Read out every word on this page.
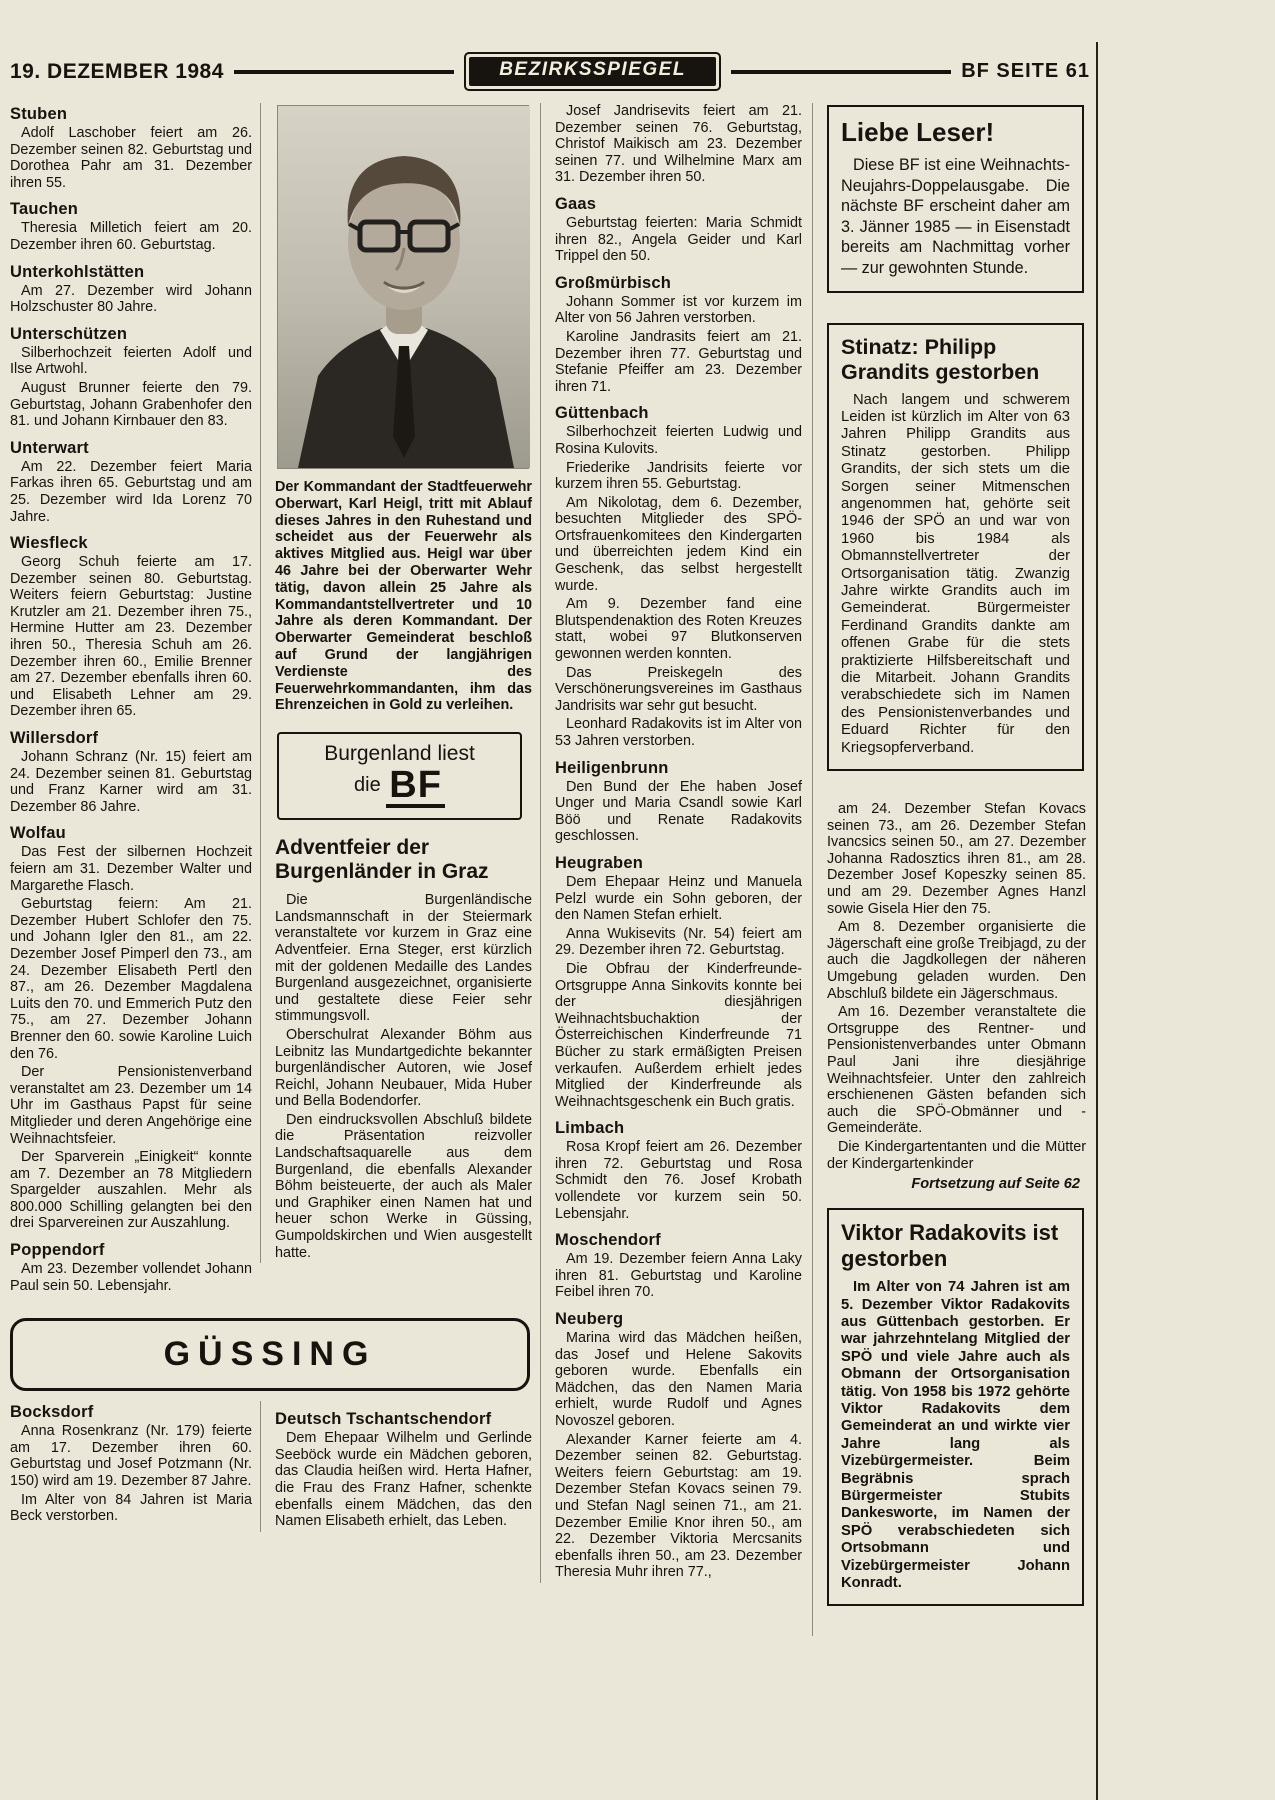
19. DEZEMBER 1984	BEZIRKSSPIEGEL	BF SEITE 61
Stuben

Adolf Laschober feiert am 26. Dezember seinen 82. Geburtstag und Dorothea Pahr am 31. Dezember ihren 55.

Tauchen

Theresia Milletich feiert am 20. Dezember ihren 60. Geburtstag.

Unterkohlstätten

Am 27. Dezember wird Johann Holzschuster 80 Jahre.

Unterschützen

Silberhochzeit feierten Adolf und Ilse Artwohl.

August Brunner feierte den 79. Geburtstag, Johann Grabenhofer den 81. und Johann Kirnbauer den 83.

Unterwart

Am 22. Dezember feiert Maria Farkas ihren 65. Geburtstag und am 25. Dezember wird Ida Lorenz 70 Jahre.

Wiesfleck

Georg Schuh feierte am 17. Dezember seinen 80. Geburtstag. Weiters feiern Geburtstag: Justine Krutzler am 21. Dezember ihren 75., Hermine Hutter am 23. Dezember ihren 50., Theresia Schuh am 26. Dezember ihren 60., Emilie Brenner am 27. Dezember ebenfalls ihren 60. und Elisabeth Lehner am 29. Dezember ihren 65.

Willersdorf

Johann Schranz (Nr. 15) feiert am 24. Dezember seinen 81. Geburtstag und Franz Karner wird am 31. Dezember 86 Jahre.

Wolfau

Das Fest der silbernen Hochzeit feiern am 31. Dezember Walter und Margarethe Flasch.

Geburtstag feiern: Am 21. Dezember Hubert Schlofer den 75. und Johann Igler den 81., am 22. Dezember Josef Pimperl den 73., am 24. Dezember Elisabeth Pertl den 87., am 26. Dezember Magdalena Luits den 70. und Emmerich Putz den 75., am 27. Dezember Johann Brenner den 60. sowie Karoline Luich den 76.

Der Pensionistenverband veranstaltet am 23. Dezember um 14 Uhr im Gasthaus Papst für seine Mitglieder und deren Angehörige eine Weihnachtsfeier.

Der Sparverein „Einigkeit“ konnte am 7. Dezember an 78 Mitgliedern Spargelder auszahlen. Mehr als 800.000 Schilling gelangten bei den drei Sparvereinen zur Auszahlung.

Poppendorf

Am 23. Dezember vollendet Johann Paul sein 50. Lebensjahr.

Der Kommandant der Stadtfeuerwehr Oberwart, Karl Heigl, tritt mit Ablauf dieses Jahres in den Ruhestand und scheidet aus der Feuerwehr als aktives Mitglied aus. Heigl war über 46 Jahre bei der Oberwarter Wehr tätig, davon allein 25 Jahre als Kommandantstellvertreter und 10 Jahre als deren Kommandant. Der Oberwarter Gemeinderat beschloß auf Grund der langjährigen Verdienste des Feuerwehrkommandanten, ihm das Ehrenzeichen in Gold zu verleihen.

Burgenland liest
die BF
Adventfeier der Burgenländer in Graz

Die Burgenländische Landsmannschaft in der Steiermark veranstaltete vor kurzem in Graz eine Adventfeier. Erna Steger, erst kürzlich mit der goldenen Medaille des Landes Burgenland ausgezeichnet, organisierte und gestaltete diese Feier sehr stimmungsvoll.

Oberschulrat Alexander Böhm aus Leibnitz las Mundartgedichte bekannter burgenländischer Autoren, wie Josef Reichl, Johann Neubauer, Mida Huber und Bella Bodendorfer.

Den eindrucksvollen Abschluß bildete die Präsentation reizvoller Landschaftsaquarelle aus dem Burgenland, die ebenfalls Alexander Böhm beisteuerte, der auch als Maler und Graphiker einen Namen hat und heuer schon Werke in Güssing, Gumpoldskirchen und Wien ausgestellt hatte.

GÜSSING
Bocksdorf

Anna Rosenkranz (Nr. 179) feierte am 17. Dezember ihren 60. Geburtstag und Josef Potzmann (Nr. 150) wird am 19. Dezember 87 Jahre.

Im Alter von 84 Jahren ist Maria Beck verstorben.

Deutsch Tschantschendorf

Dem Ehepaar Wilhelm und Gerlinde Seeböck wurde ein Mädchen geboren, das Claudia heißen wird. Herta Hafner, die Frau des Franz Hafner, schenkte ebenfalls einem Mädchen, das den Namen Elisabeth erhielt, das Leben.

Josef Jandrisevits feiert am 21. Dezember seinen 76. Geburtstag, Christof Maikisch am 23. Dezember seinen 77. und Wilhelmine Marx am 31. Dezember ihren 50.

Gaas

Geburtstag feierten: Maria Schmidt ihren 82., Angela Geider und Karl Trippel den 50.

Großmürbisch

Johann Sommer ist vor kurzem im Alter von 56 Jahren verstorben.

Karoline Jandrasits feiert am 21. Dezember ihren 77. Geburtstag und Stefanie Pfeiffer am 23. Dezember ihren 71.

Güttenbach

Silberhochzeit feierten Ludwig und Rosina Kulovits.

Friederike Jandrisits feierte vor kurzem ihren 55. Geburtstag.

Am Nikolotag, dem 6. Dezember, besuchten Mitglieder des SPÖ-Ortsfrauenkomitees den Kindergarten und überreichten jedem Kind ein Geschenk, das selbst hergestellt wurde.

Am 9. Dezember fand eine Blutspendenaktion des Roten Kreuzes statt, wobei 97 Blutkonserven gewonnen werden konnten.

Das Preiskegeln des Verschönerungsvereines im Gasthaus Jandrisits war sehr gut besucht.

Leonhard Radakovits ist im Alter von 53 Jahren verstorben.

Heiligenbrunn

Den Bund der Ehe haben Josef Unger und Maria Csandl sowie Karl Böö und Renate Radakovits geschlossen.

Heugraben

Dem Ehepaar Heinz und Manuela Pelzl wurde ein Sohn geboren, der den Namen Stefan erhielt.

Anna Wukisevits (Nr. 54) feiert am 29. Dezember ihren 72. Geburtstag.

Die Obfrau der Kinderfreunde-Ortsgruppe Anna Sinkovits konnte bei der diesjährigen Weihnachtsbuchaktion der Österreichischen Kinderfreunde 71 Bücher zu stark ermäßigten Preisen verkaufen. Außerdem erhielt jedes Mitglied der Kinderfreunde als Weihnachtsgeschenk ein Buch gratis.

Limbach

Rosa Kropf feiert am 26. Dezember ihren 72. Geburtstag und Rosa Schmidt den 76. Josef Krobath vollendete vor kurzem sein 50. Lebensjahr.

Moschendorf

Am 19. Dezember feiern Anna Laky ihren 81. Geburtstag und Karoline Feibel ihren 70.

Neuberg

Marina wird das Mädchen heißen, das Josef und Helene Sakovits geboren wurde. Ebenfalls ein Mädchen, das den Namen Maria erhielt, wurde Rudolf und Agnes Novoszel geboren.

Alexander Karner feierte am 4. Dezember seinen 82. Geburtstag. Weiters feiern Geburtstag: am 19. Dezember Stefan Kovacs seinen 79. und Stefan Nagl seinen 71., am 21. Dezember Emilie Knor ihren 50., am 22. Dezember Viktoria Mercsanits ebenfalls ihren 50., am 23. Dezember Theresia Muhr ihren 77.,

Liebe Leser!

Diese BF ist eine Weihnachts-Neujahrs-Doppelausgabe. Die nächste BF erscheint daher am 3. Jänner 1985 — in Eisenstadt bereits am Nachmittag vorher — zur gewohnten Stunde.

Stinatz: Philipp Grandits gestorben

Nach langem und schwerem Leiden ist kürzlich im Alter von 63 Jahren Philipp Grandits aus Stinatz gestorben. Philipp Grandits, der sich stets um die Sorgen seiner Mitmenschen angenommen hat, gehörte seit 1946 der SPÖ an und war von 1960 bis 1984 als Obmannstellvertreter der Ortsorganisation tätig. Zwanzig Jahre wirkte Grandits auch im Gemeinderat. Bürgermeister Ferdinand Grandits dankte am offenen Grabe für die stets praktizierte Hilfsbereitschaft und die Mitarbeit. Johann Grandits verabschiedete sich im Namen des Pensionistenverbandes und Eduard Richter für den Kriegsopferverband.

am 24. Dezember Stefan Kovacs seinen 73., am 26. Dezember Stefan Ivancsics seinen 50., am 27. Dezember Johanna Radosztics ihren 81., am 28. Dezember Josef Kopeszky seinen 85. und am 29. Dezember Agnes Hanzl sowie Gisela Hier den 75.

Am 8. Dezember organisierte die Jägerschaft eine große Treibjagd, zu der auch die Jagdkollegen der näheren Umgebung geladen wurden. Den Abschluß bildete ein Jägerschmaus.

Am 16. Dezember veranstaltete die Ortsgruppe des Rentner- und Pensionistenverbandes unter Obmann Paul Jani ihre diesjährige Weihnachtsfeier. Unter den zahlreich erschienenen Gästen befanden sich auch die SPÖ-Obmänner und -Gemeinderäte.

Die Kindergartentanten und die Mütter der Kindergartenkinder

Fortsetzung auf Seite 62

Viktor Radakovits ist gestorben

Im Alter von 74 Jahren ist am 5. Dezember Viktor Radakovits aus Güttenbach gestorben. Er war jahrzehntelang Mitglied der SPÖ und viele Jahre auch als Obmann der Ortsorganisation tätig. Von 1958 bis 1972 gehörte Viktor Radakovits dem Gemeinderat an und wirkte vier Jahre lang als Vizebürgermeister. Beim Begräbnis sprach Bürgermeister Stubits Dankesworte, im Namen der SPÖ verabschiedeten sich Ortsobmann und Vizebürgermeister Johann Konradt.
